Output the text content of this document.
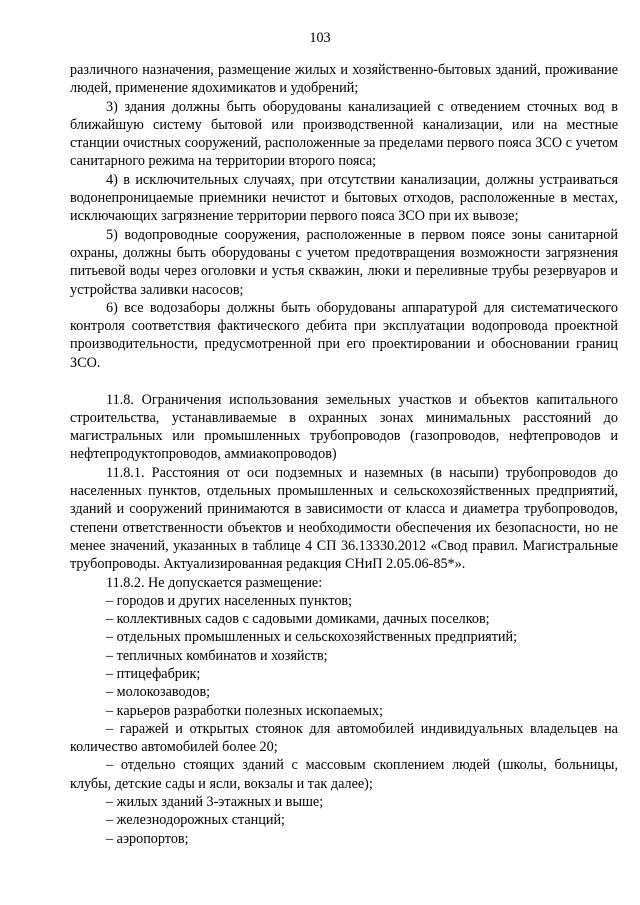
103

различного назначения, размещение жилых и хозяйственно-бытовых зданий, проживание людей, применение ядохимикатов и удобрений;

3) здания должны быть оборудованы канализацией с отведением сточных вод в ближайшую систему бытовой или производственной канализации, или на местные станции очистных сооружений, расположенные за пределами первого пояса ЗСО с учетом санитарного режима на территории второго пояса;

4) в исключительных случаях, при отсутствии канализации, должны устраиваться водонепроницаемые приемники нечистот и бытовых отходов, расположенные в местах, исключающих загрязнение территории первого пояса ЗСО при их вывозе;

5) водопроводные сооружения, расположенные в первом поясе зоны санитарной охраны, должны быть оборудованы с учетом предотвращения возможности загрязнения питьевой воды через оголовки и устья скважин, люки и переливные трубы резервуаров и устройства заливки насосов;

6) все водозаборы должны быть оборудованы аппаратурой для систематического контроля соответствия фактического дебита при эксплуатации водопровода проектной производительности, предусмотренной при его проектировании и обосновании границ ЗСО.

11.8. Ограничения использования земельных участков и объектов капитального строительства, устанавливаемые в охранных зонах минимальных расстояний до магистральных или промышленных трубопроводов (газопроводов, нефтепроводов и нефтепродуктопроводов, аммиакопроводов)

11.8.1. Расстояния от оси подземных и наземных (в насыпи) трубопроводов до населенных пунктов, отдельных промышленных и сельскохозяйственных предприятий, зданий и сооружений принимаются в зависимости от класса и диаметра трубопроводов, степени ответственности объектов и необходимости обеспечения их безопасности, но не менее значений, указанных в таблице 4 СП 36.13330.2012 «Свод правил. Магистральные трубопроводы. Актуализированная редакция СНиП 2.05.06-85*».

11.8.2. Не допускается размещение:

– городов и других населенных пунктов;

– коллективных садов с садовыми домиками, дачных поселков;

– отдельных промышленных и сельскохозяйственных предприятий;

– тепличных комбинатов и хозяйств;

– птицефабрик;

– молокозаводов;

– карьеров разработки полезных ископаемых;

– гаражей и открытых стоянок для автомобилей индивидуальных владельцев на количество автомобилей более 20;

– отдельно стоящих зданий с массовым скоплением людей (школы, больницы, клубы, детские сады и ясли, вокзалы и так далее);

– жилых зданий 3-этажных и выше;

– железнодорожных станций;

– аэропортов;
